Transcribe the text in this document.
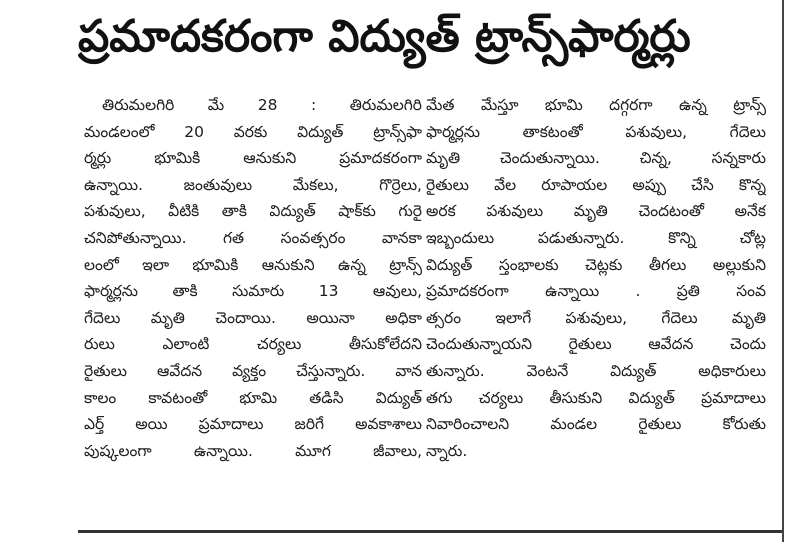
ప్రమాదకరంగా విద్యుత్ ట్రాన్స్‌ఫార్మర్లు
తిరుమలగిరి మే 28 : తిరుమలగిరి
మండలంలో 20 వరకు విద్యుత్ ట్రాన్స్‌ఫా
ర్మర్లు భూమికి ఆనుకుని ప్రమాదకరంగా
ఉన్నాయి. జంతువులు మేకలు, గొర్రెలు,
పశువులు, వీటికి తాకి విద్యుత్ షాక్‌కు గురై
చనిపోతున్నాయి. గత సంవత్సరం వానకా
లంలో ఇలా భూమికి ఆనుకుని ఉన్న ట్రాన్స్
ఫార్మర్లను తాకి సుమారు 13 ఆవులు,
గేదెలు మృతి చెందాయి. అయినా అధికా
రులు ఎలాంటి చర్యలు తీసుకోలేదని
రైతులు ఆవేదన వ్యక్తం చేస్తున్నారు. వాన
కాలం కావటంతో భూమి తడిసి విద్యుత్
ఎర్త్ అయి ప్రమాదాలు జరిగే అవకాశాలు
పుష్కలంగా ఉన్నాయి. మూగ జీవాలు,
మేత మేస్తూ భూమి దగ్గరగా ఉన్న ట్రాన్స్
ఫార్మర్లను తాకటంతో పశువులు, గేదెలు
మృతి చెందుతున్నాయి. చిన్న, సన్నకారు
రైతులు వేల రూపాయల అప్పు చేసి కొన్న
అరక పశువులు మృతి చెందటంతో అనేక
ఇబ్బందులు పడుతున్నారు. కొన్ని చోట్ల
విద్యుత్ స్తంభాలకు చెట్లకు తీగలు అల్లుకుని
ప్రమాదకరంగా ఉన్నాయి . ప్రతి సంవ
త్సరం ఇలాగే పశువులు, గేదెలు మృతి
చెందుతున్నాయని రైతులు ఆవేదన చెందు
తున్నారు. వెంటనే విద్యుత్ అధికారులు
తగు చర్యలు తీసుకుని విద్యుత్ ప్రమాదాలు
నివారించాలని మండల రైతులు కోరుతు
న్నారు.
